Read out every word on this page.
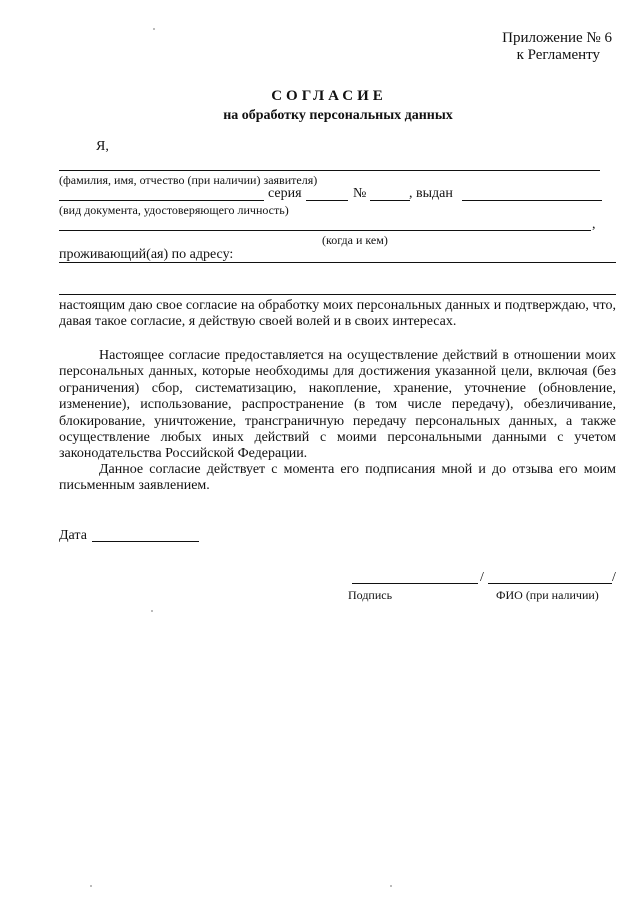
Приложение № 6
к Регламенту
СОГЛАСИЕ
на обработку персональных данных
Я,
(фамилия, имя, отчество (при наличии) заявителя)
серия	№	, выдан
(вид документа, удостоверяющего личность)
,
(когда и кем)
проживающий(ая) по адресу:

настоящим даю свое согласие на обработку моих персональных данных и подтверждаю, что, давая такое согласие, я действую своей волей и в своих интересах.

Настоящее согласие предоставляется на осуществление действий в отношении моих персональных данных, которые необходимы для достижения указанной цели, включая (без ограничения) сбор, систематизацию, накопление, хранение, уточнение (обновление, изменение), использование, распространение (в том числе передачу), обезличивание, блокирование, уничтожение, трансграничную передачу персональных данных, а также осуществление любых иных действий с моими персональными данными с учетом законодательства Российской Федерации.

Данное согласие действует с момента его подписания мной и до отзыва его моим письменным заявлением.

Дата
/	/
Подпись	ФИО (при наличии)
